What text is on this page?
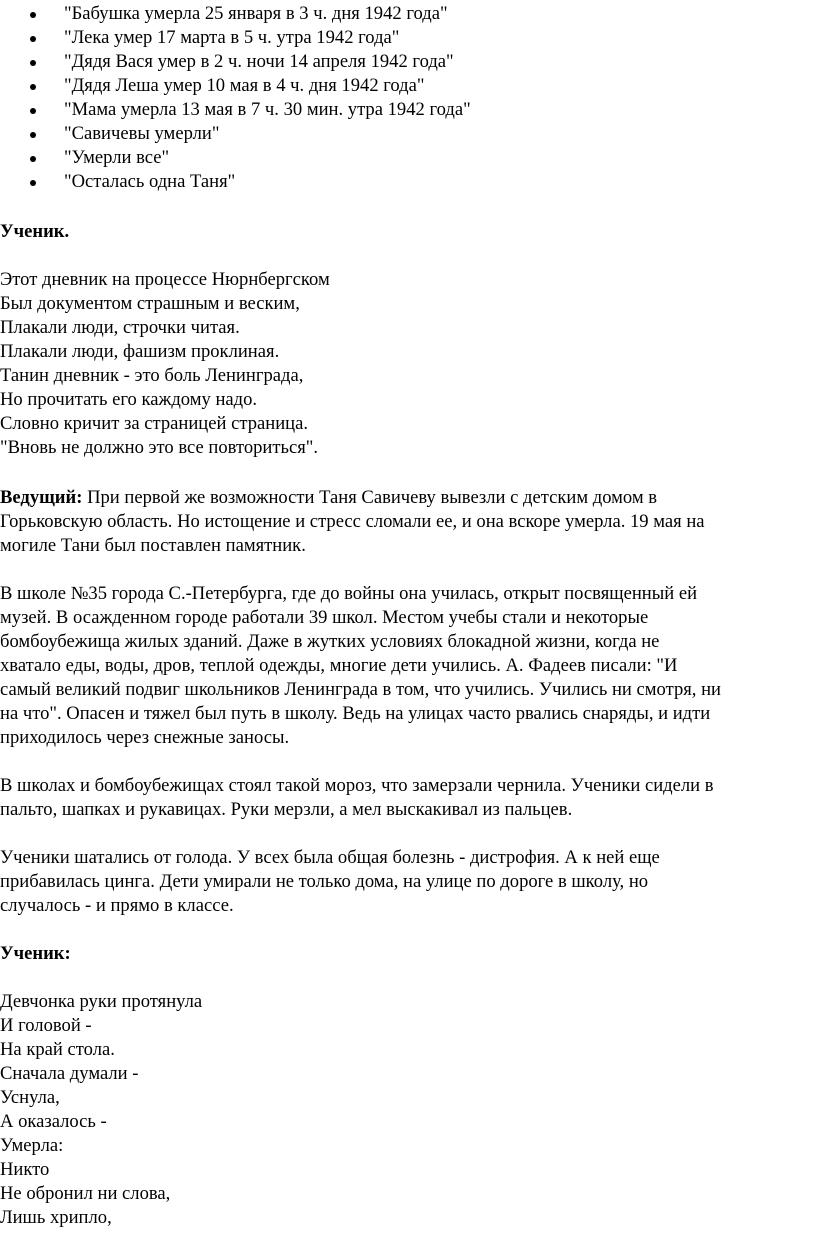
"Бабушка умерла 25 января в 3 ч. дня 1942 года"
"Лека умер 17 марта в 5 ч. утра 1942 года"
"Дядя Вася умер в 2 ч. ночи 14 апреля 1942 года"
"Дядя Леша умер 10 мая в 4 ч. дня 1942 года"
"Мама умерла 13 мая в 7 ч. 30 мин. утра 1942 года"
"Савичевы умерли"
"Умерли все"
"Осталась одна Таня"
Ученик.
Этот дневник на процессе Нюрнбергском
Был документом страшным и веским,
Плакали люди, строчки читая.
Плакали люди, фашизм проклиная.
Танин дневник - это боль Ленинграда,
Но прочитать его каждому надо.
Словно кричит за страницей страница.
"Вновь не должно это все повториться".
Ведущий: При первой же возможности Таня Савичеву вывезли с детским домом в
Горьковскую область. Но истощение и стресс сломали ее, и она вскоре умерла. 19 мая на
могиле Тани был поставлен памятник.
В школе №35 города С.-Петербурга, где до войны она училась, открыт посвященный ей
музей. В осажденном городе работали 39 школ. Местом учебы стали и некоторые
бомбоубежища жилых зданий. Даже в жутких условиях блокадной жизни, когда не
хватало еды, воды, дров, теплой одежды, многие дети учились. А. Фадеев писали: "И
самый великий подвиг школьников Ленинграда в том, что учились. Учились ни смотря, ни
на что". Опасен и тяжел был путь в школу. Ведь на улицах часто рвались снаряды, и идти
приходилось через снежные заносы.
В школах и бомбоубежищах стоял такой мороз, что замерзали чернила. Ученики сидели в
пальто, шапках и рукавицах. Руки мерзли, а мел выскакивал из пальцев.
Ученики шатались от голода. У всех была общая болезнь - дистрофия. А к ней еще
прибавилась цинга. Дети умирали не только дома, на улице по дороге в школу, но
случалось - и прямо в классе.
Ученик:
Девчонка руки протянула
И головой -
На край стола.
Сначала думали -
Уснула,
А оказалось -
Умерла:
Никто
Не обронил ни слова,
Лишь хрипло,
